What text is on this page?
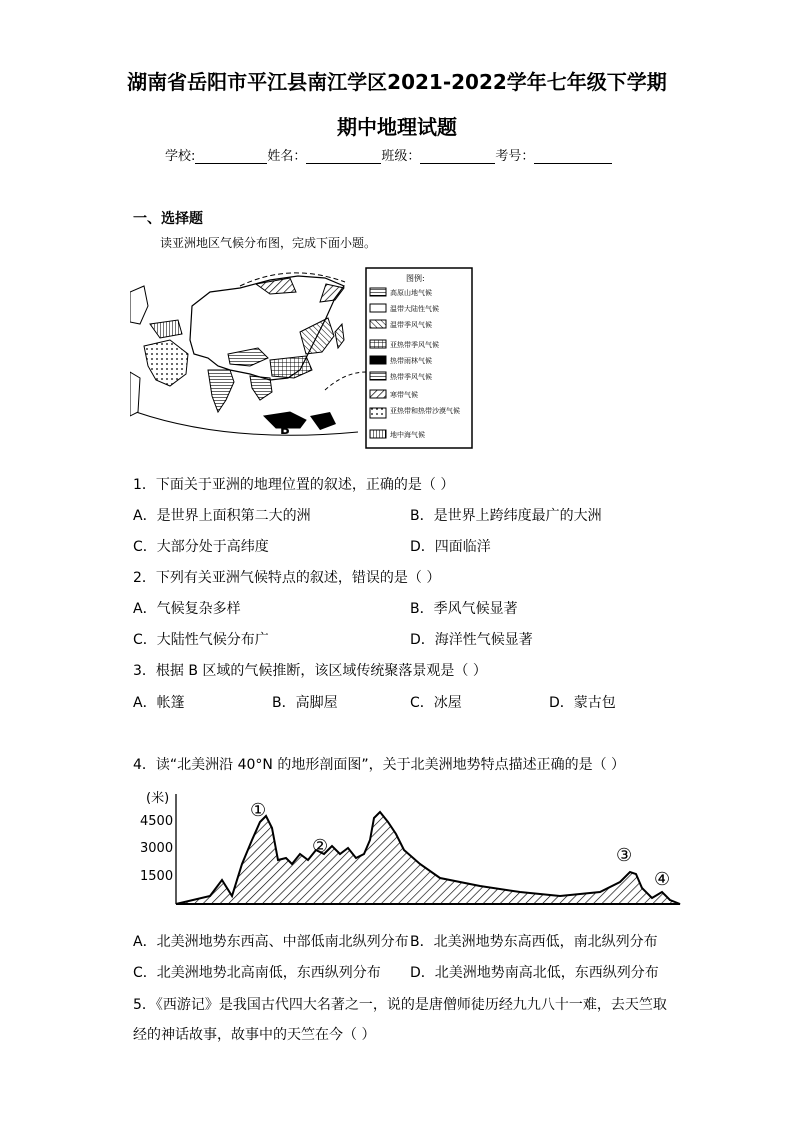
湖南省岳阳市平江县南江学区2021-2022学年七年级下学期
期中地理试题
学校:	姓名：	班级：	考号：
一、选择题
读亚洲地区气候分布图，完成下面小题。
B
图例:
高原山地气候
温带大陆性气候
温带季风气候
亚热带季风气候
热带雨林气候
热带季风气候
寒带气候
亚热带和热带沙漠气候
地中海气候
1．下面关于亚洲的地理位置的叙述，正确的是（ ）
A．是世界上面积第二大的洲	B．是世界上跨纬度最广的大洲
C．大部分处于高纬度	D．四面临洋
2．下列有关亚洲气候特点的叙述，错误的是（ ）
A．气候复杂多样	B．季风气候显著
C．大陆性气候分布广	D．海洋性气候显著
3．根据 B 区域的气候推断，该区域传统聚落景观是（ ）
A．帐篷	B．高脚屋	C．冰屋	D．蒙古包
4．读“北美洲沿 40°N 的地形剖面图”，关于北美洲地势特点描述正确的是（ ）
(米)
4500
3000
1500
①
②	③
④
A．北美洲地势东西高、中部低南北纵列分布 B．北美洲地势东高西低，南北纵列分布
C．北美洲地势北高南低，东西纵列分布 D．北美洲地势南高北低，东西纵列分布
5．《西游记》是我国古代四大名著之一，说的是唐僧师徒历经九九八十一难，去天竺取
经的神话故事，故事中的天竺在今（ ）
